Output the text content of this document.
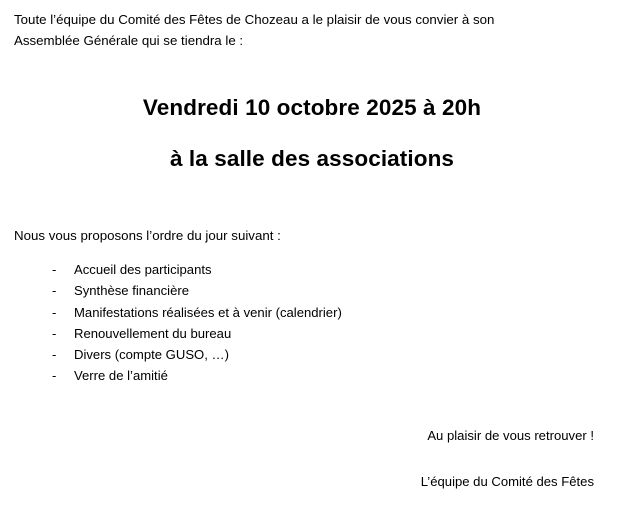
Toute l’équipe du Comité des Fêtes de Chozeau a le plaisir de vous convier à son
Assemblée Générale qui se tiendra le :

Vendredi 10 octobre 2025 à 20h
à la salle des associations

Nous vous proposons l’ordre du jour suivant :

- Accueil des participants
- Synthèse financière
- Manifestations réalisées et à venir (calendrier)
- Renouvellement du bureau
- Divers (compte GUSO, …)
- Verre de l’amitié
Au plaisir de vous retrouver !
L’équipe du Comité des Fêtes
